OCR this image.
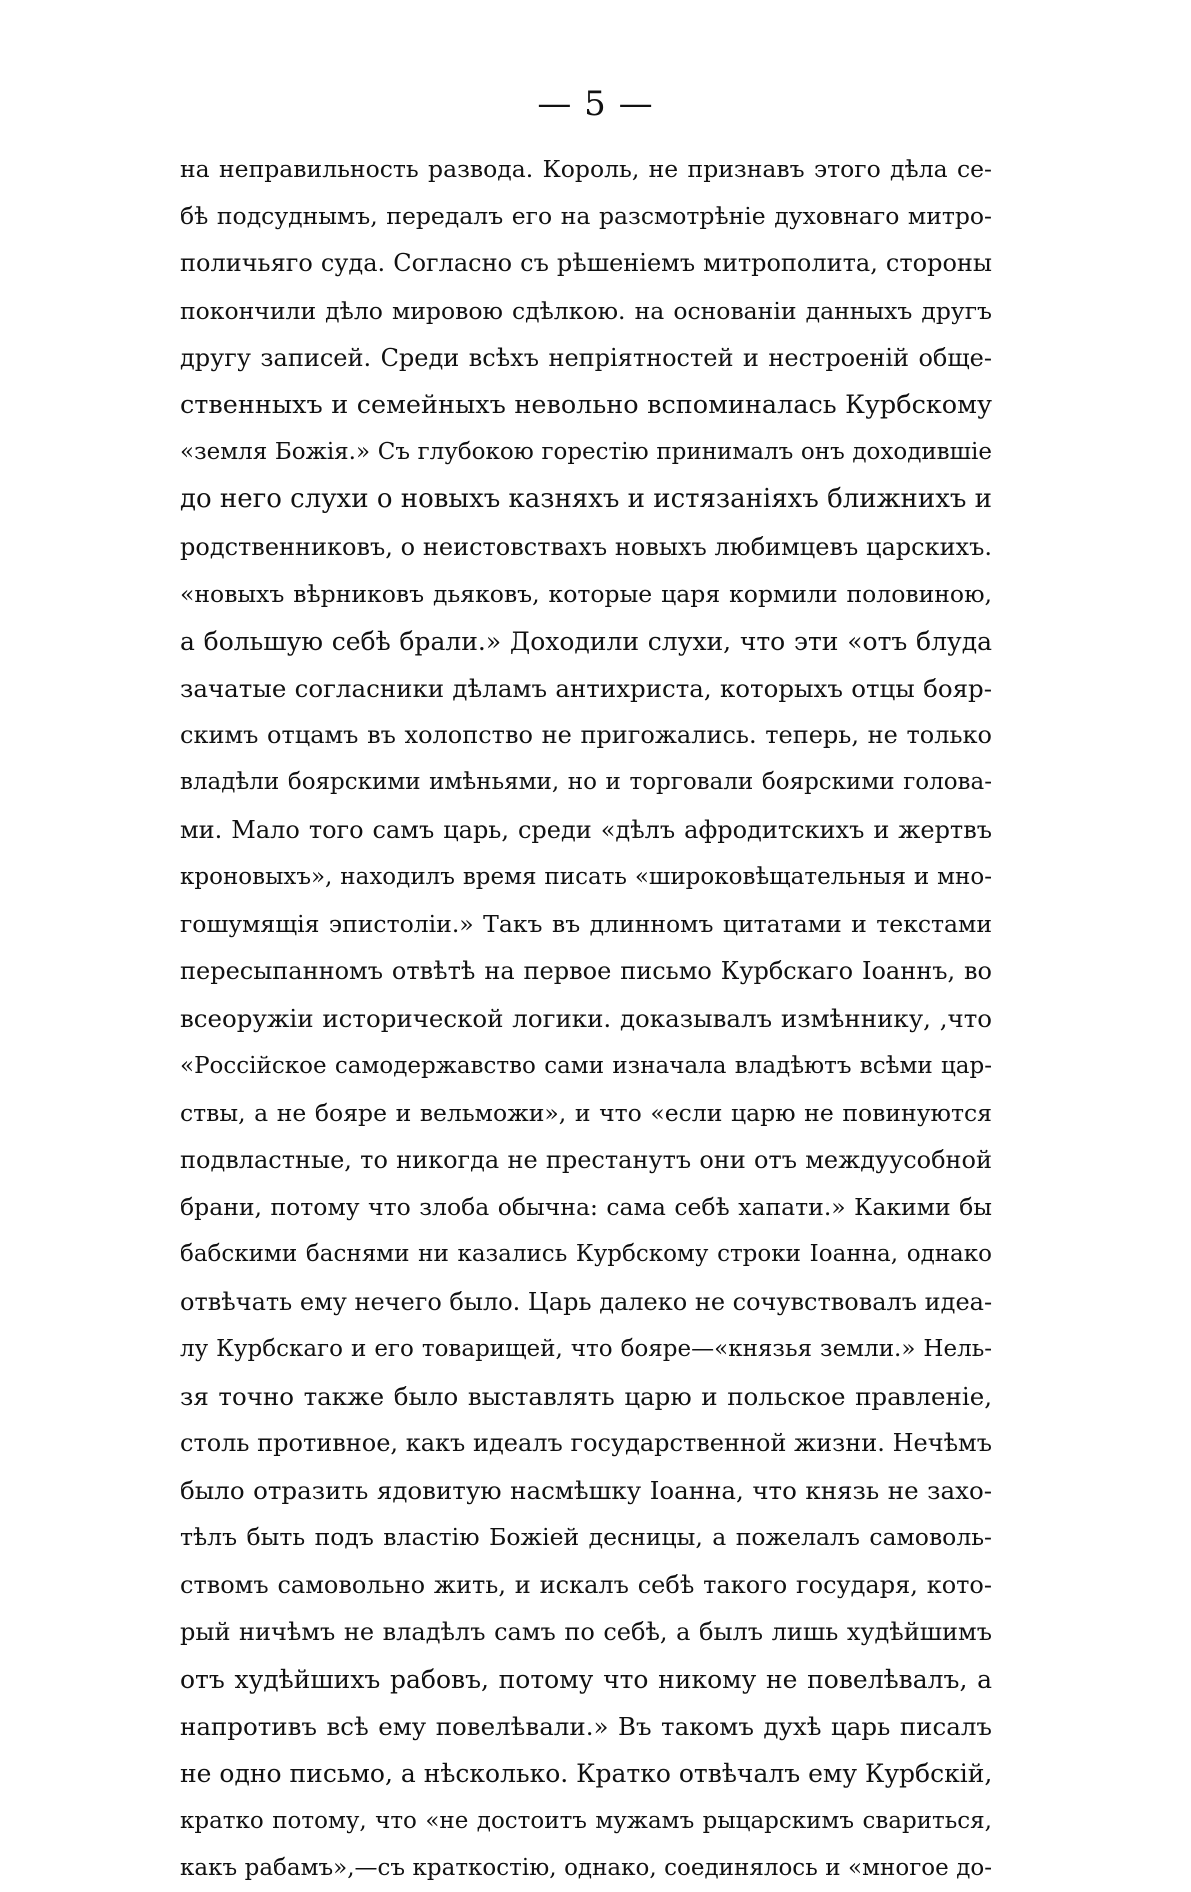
— 5 —
на неправильность развода. Король, не признавъ этого дѣла се-
бѣ подсуднымъ, передалъ его на разсмотрѣніе духовнаго митро-
поличьяго суда. Согласно съ рѣшеніемъ митрополита, стороны
покончили дѣло мировою сдѣлкою. на основаніи данныхъ другъ
другу записей. Среди всѣхъ непріятностей и нестроеній обще-
ственныхъ и семейныхъ невольно вспоминалась Курбскому
«земля Божія.» Съ глубокою горестію принималъ онъ доходившіе
до него слухи о новыхъ казняхъ и истязаніяхъ ближнихъ и
родственниковъ, о неистовствахъ новыхъ любимцевъ царскихъ.
«новыхъ вѣрниковъ дьяковъ, которые царя кормили половиною,
а большую себѣ брали.» Доходили слухи, что эти «отъ блуда
зачатые согласники дѣламъ антихриста, которыхъ отцы бояр-
скимъ отцамъ въ холопство не пригожались. теперь, не только
владѣли боярскими имѣньями, но и торговали боярскими голова-
ми. Мало того самъ царь, среди «дѣлъ афродитскихъ и жертвъ
кроновыхъ», находилъ время писать «широковѣщательныя и мно-
гошумящія эпистоліи.» Такъ въ длинномъ цитатами и текстами
пересыпанномъ отвѣтѣ на первое письмо Курбскаго Іоаннъ, во
всеоружіи исторической логики. доказывалъ измѣннику, ,что
«Россійское самодержавство сами изначала владѣютъ всѣми цар-
ствы, а не бояре и вельможи», и что «если царю не повинуются
подвластные, то никогда не престанутъ они отъ междуусобной
брани, потому что злоба обычна: сама себѣ хапати.» Какими бы
бабскими баснями ни казались Курбскому строки Іоанна, однако
отвѣчать ему нечего было. Царь далеко не сочувствовалъ идеа-
лу Курбскаго и его товарищей, что бояре—«князья земли.» Нель-
зя точно также было выставлять царю и польское правленіе,
столь противное, какъ идеалъ государственной жизни. Нечѣмъ
было отразить ядовитую насмѣшку Іоанна, что князь не захо-
тѣлъ быть подъ властію Божіей десницы, а пожелалъ самоволь-
ствомъ самовольно жить, и искалъ себѣ такого государя, кото-
рый ничѣмъ не владѣлъ самъ по себѣ, а былъ лишь худѣйшимъ
отъ худѣйшихъ рабовъ, потому что никому не повелѣвалъ, а
напротивъ всѣ ему повелѣвали.» Въ такомъ духѣ царь писалъ
не одно письмо, а нѣсколько. Кратко отвѣчалъ ему Курбскій,
кратко потому, что «не достоитъ мужамъ рыцарскимъ свариться,
какъ рабамъ»,—съ краткостію, однако, соединялось и «многое до-
